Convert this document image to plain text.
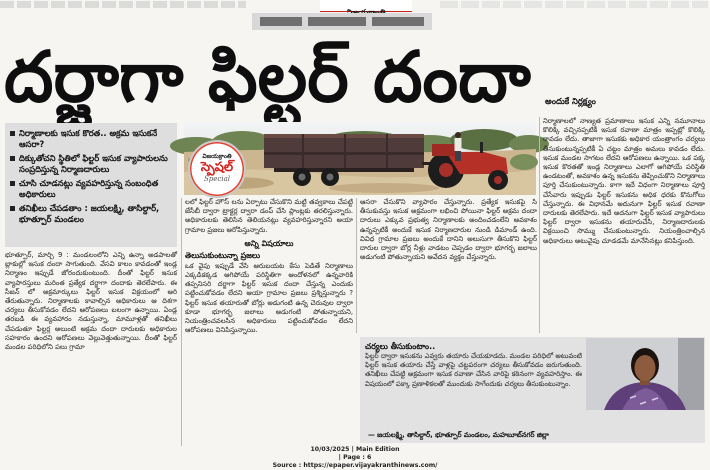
దర్జాగా ఫిల్టర్ దందా
నిర్మాణాలకు ఇసుక కొరత.. అక్రమ ఇసుకనే ఆసరా?
దిక్కుతోచని స్థితిలో ఫిల్టర్ ఇసుక వ్యాపారులను సంప్రదిస్తున్న నిర్మాణదారులు
చూసి చూడనట్లు వ్యవహరిస్తున్న సంబంధిత అధికారులు
తనిఖీలు చేపడతాం : జయలక్ష్మి, తాసిల్దార్, భూత్పూర్ మండలం
విజయక్రాంతి
స్పెషల్
Special

భూత్పూర్, మార్చి 9 : మండలంలోని ఎన్ని ఉన్నా అడపాలతో బ్లాకుల్లో ఇసుక దందా సాగుతుంది. వేసవి కాలం కావడంతో ఇండ్ల నిర్మాణం ఇప్పుడే జోరందుకుంటుంది. దీంతో ఫిల్టర్ ఇసుక వ్యాపారస్తులు మరింత ప్రత్యేక దర్జాగా దందాకు తెరలేపారు. ఈ సీజన్ లో అక్రమార్కులు ఫిల్టర్ ఇసుక విక్రయంలో ఆరి తేరుతున్నారు. నిర్మాణాలకు కావాల్సిన అధికారులు ఆ దిశగా చర్యలు తీసుకోవడం లేదని ఆరోపణలు బలంగా ఉన్నాయి. ఏండ్ల తరబడి ఈ వ్యవహారం నడుస్తున్నా, మామూళ్లతో తనిఖీలు చేపడుతూ ఫిల్టర్ల అలుంటి అక్రమ దందా దారులకు అధికారుల సహకారం ఉందని ఆరోపణలు వెల్లువెత్తుతున్నాయి. దీంతో ఫిల్టర్ మండల పరిధిలోని పలు గ్రామా

లలో ఫిల్టర్ హౌస్ లను ఏర్పాటు చేసుకొని మట్టి తవ్వకాలు చేపట్టి జేసీబీ ద్వారా ట్రాక్టర్ల ద్వారా డంప్ చేసి ప్లాంట్లకు తరలిస్తున్నారు. అధికారులకు తెలిసిన తెలియనట్లు వ్యవహరిస్తున్నారని అయా గ్రామాల ప్రజలు ఆరోపిస్తున్నారు.

అన్ని విషయాలు
తెలుసుకుంటున్నా ప్రజలు

ఒక వైపు ఇప్పుడే వేసి ఆరుబయట కేసు పెడితే నిర్మాణాలు ఎక్కడికక్కడ ఆగిపోయే పరిస్థితిగా ఆందోళనలో ఉన్నవారికి తప్పనిసరి దర్జాగా ఫిల్టర్ ఇసుక దందా చేస్తున్న ఎందుకు పట్టించుకోవడం లేదని ఆయా గ్రామాల ప్రజలు ప్రశ్నిస్తున్నారు ? ఫిల్టర్ ఇసుక తయారుతో బోర్లు అడుగంటి ఉన్న చెరువుల ద్వారా కూడా భూగర్భ జలాలు అడుగంటి పోతున్నాయని, నియంత్రించవలసిన అధికారులు పట్టించుకోవడం లేదని ఆరోపణలు వినిపిస్తున్నాయి.

ఆసరా చేసుకొని వ్యాపారం చేస్తున్నారు. ప్రత్యేక ఇసుకపై సి తీసుకువస్తు ఇసుక అక్రమంగా లభించి పోయినా ఫిల్టర్ అక్రమ దందా దారులు ఎక్కువ ప్రభుత్వ నిర్మాణాలకు అందించడంలేని అవకాశం ఉన్నప్పటికీ అందుకే ఇసుక నిర్మాణదారుల నుండి డిమాండ్ ఉంది. వివిధ గ్రామాల ప్రజలు అందుకే దానిని అలుసుగా తీసుకొని ఫిల్టర్ దారుల ద్వారా బోర్ల నీళ్లు వాడటం చెప్పడం ద్వారా భూగర్భ జలాలు అడుగంటి పోతున్నాయని ఆవేదన వ్యక్తం చేస్తున్నారు.

అందుకే నిర్లక్ష్యం

నిర్మాణాలలో నాణ్యత ప్రమాణాలు ఇసుక ఎన్ని నమూనాలు కొలిక్కి వచ్చినప్పటికీ ఇసుక రవాణా మాత్రం ఇప్పట్లో కొలిక్కి రావడం లేదు. తాజాగా ఇసుకకు అధికార యంత్రాంగం చర్యలు తీసుకుంటున్నప్పటికీ ఏ చట్టం మాత్రం అమలు కావడం లేదు. ఇసుక మండల సాగటం లేదని ఆరోపణలు ఉన్నాయి. ఒక పక్క ఇసుక కొరతతో ఇండ్ల నిర్మాణాలు ఎలాగో ఆగిపోయే పరిస్థితి ఉండటంతో, అవకాశం ఉన్న ఇసుకను తెప్పించుకొని నిర్మాణాలు పూర్తి చేసుకుంటున్నారు. కాగా ఇదే విధంగా నిర్మాణాలు పూర్తి చేసేవారు ఇప్పుడు ఫిల్టర్ ఇసుకను అధిక ధరకు కొనుగోలు చేస్తున్నారు. ఈ విధానమే అదునుగా ఫిల్టర్ ఇసుక రవాణా దారులకు తెరలేపారు. ఇదే అదనుగా ఫిల్టర్ ఇసుక వ్యాపారులు ఫిల్టర్ ద్వారా ఇసుకను తయారుచేసి, నిర్మాణదారులకు విక్రయించి సొమ్ము చేసుకుంటున్నారు. నియంత్రించాల్సిన అధికారులు అటువైపు చూడడమే మానేసినట్లు కనిపిస్తుంది.

చర్యలు తీసుకుంటాం..

ఫిల్టర్ ద్వారా ఇసుకను ఎవ్వరు తయారు చేయకూడదు. మండల పరిధిలో అటువంటి ఫిల్టర్ ఇసుక తయారు చేస్తే వాళ్లపై చట్టపరంగా చర్యలు తీసుకోవడం జరుగుతుంది. తనిఖీలు చేపట్టి అక్రమంగా ఇసుక రవాణా చేసిన వారిపై కఠినంగా వ్యవహరిస్తాం. ఈ విషయంలో పక్కా ప్రణాళికలతో ముందుకు సాగేందుకు చర్యలు తీసుకుంటున్నాం.

— జయలక్ష్మి, తాసిల్దార్, భూత్పూర్ మండలం, మహబూబ్‌నగర్ జిల్లా
10/03/2025 | Main Edition
| Page : 6
Source : https://epaper.vijayakranthinews.com/
